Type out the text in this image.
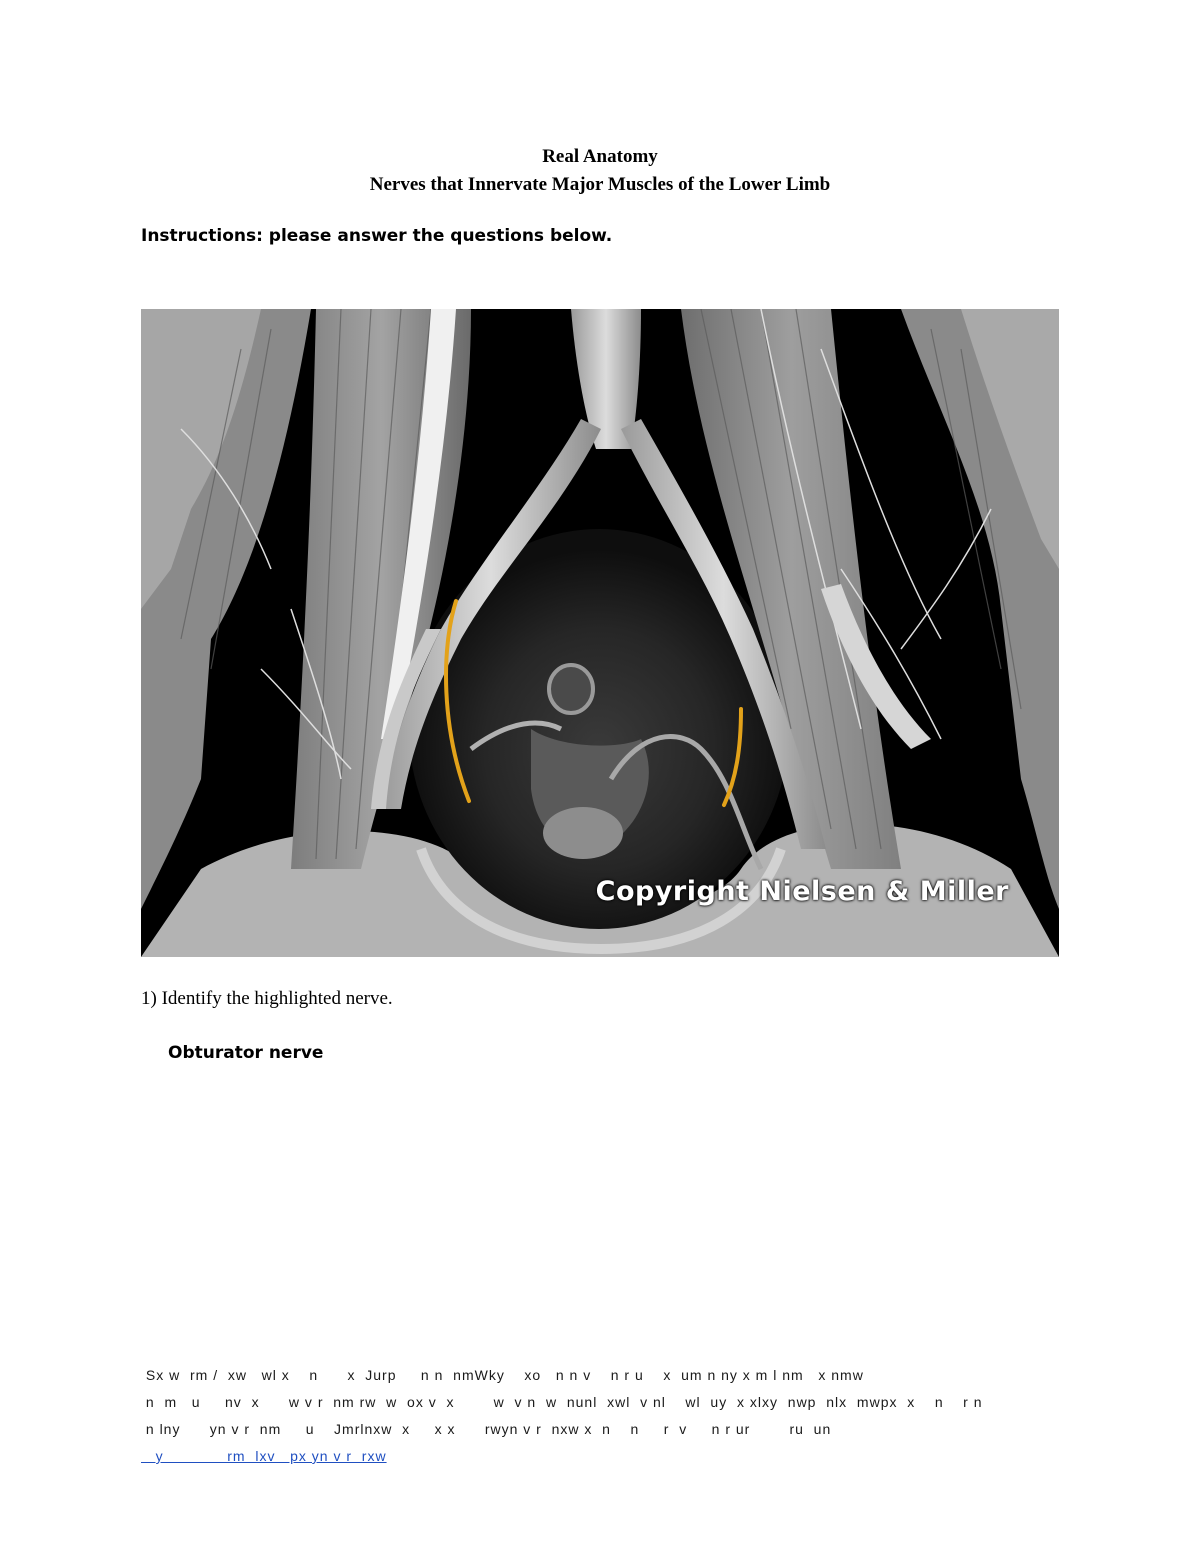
Real Anatomy
Nerves that Innervate Major Muscles of the Lower Limb
Instructions: please answer the questions below.
Copyright Nielsen & Miller
1) Identify the highlighted nerve.
Obturator nerve
Sx w  rm /  xw   wl x    n      x  Jurp     n n  nmWky    xo   n n v    n r u    x  um n ny x m l nm   x nmw
n  m   u     nv  x      w v r  nm rw  w  ox v  x        w  v n  w  nunl  xwl  v nl    wl  uy  x xlxy  nwp  nlx  mwpx  x    n    r n
n lny      yn v r  nm     u    Jmrlnxw  x     x x      rwyn v r  nxw x  n    n     r  v     n r ur        ru  un
y             rm  lxv   px yn v r  rxw
